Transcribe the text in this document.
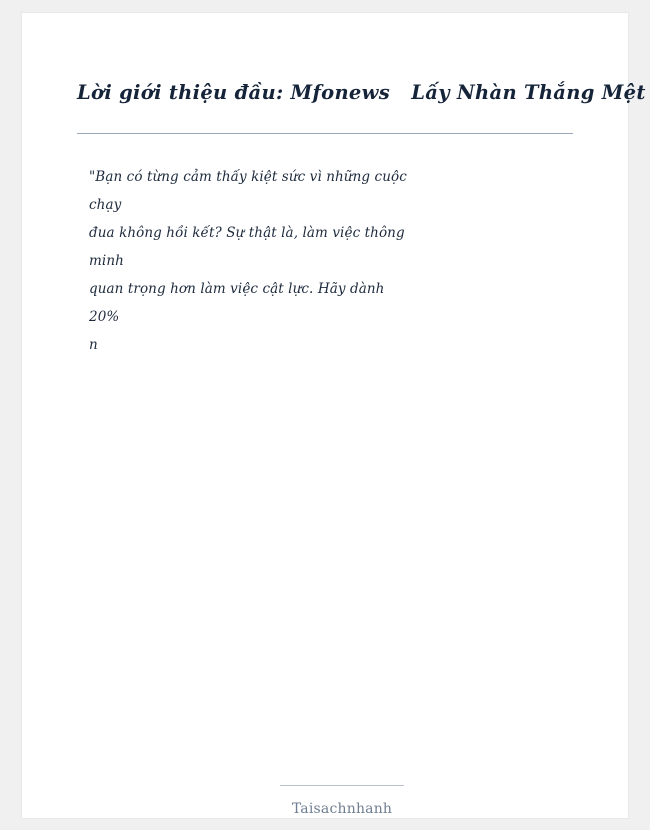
Lời giới thiệu đầu: Mfonews   Lấy Nhàn Thắng Mệt

"Bạn có từng cảm thấy kiệt sức vì những cuộc chạy

đua không hồi kết? Sự thật là, làm việc thông minh

quan trọng hơn làm việc cật lực. Hãy dành 20%

n

Taisachnhanh
